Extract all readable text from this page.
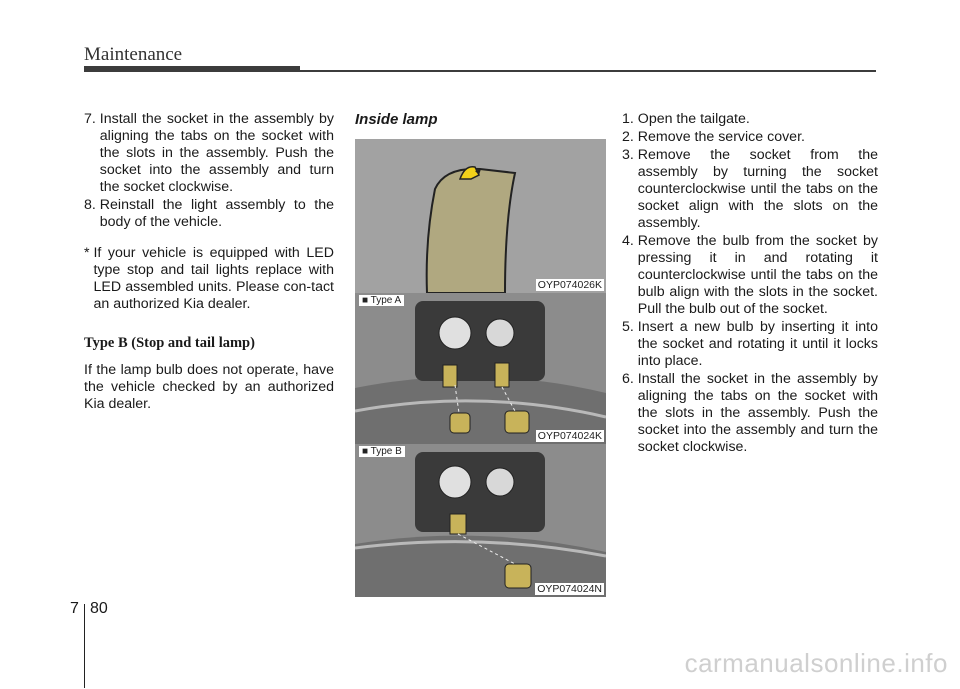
Maintenance
7. Install the socket in the assembly by aligning the tabs on the socket with the slots in the assembly. Push the socket into the assembly and turn the socket clockwise.
8. Reinstall the light assembly to the body of the vehicle.
* If your vehicle is equipped with LED type stop and tail lights replace with LED assembled units. Please con-tact an authorized Kia dealer.
Type B (Stop and tail lamp)
If the lamp bulb does not operate, have the vehicle checked by an authorized Kia dealer.
Inside lamp
OYP074026K
■ Type A
OYP074024K
■ Type B
OYP074024N
1. Open the tailgate.
2. Remove the service cover.
3. Remove the socket from the assembly by turning the socket counterclockwise until the tabs on the socket align with the slots on the assembly.
4. Remove the bulb from the socket by pressing it in and rotating it counterclockwise until the tabs on the bulb align with the slots in the socket. Pull the bulb out of the socket.
5. Insert a new bulb by inserting it into the socket and rotating it until it locks into place.
6. Install the socket in the assembly by aligning the tabs on the socket with the slots in the assembly. Push the socket into the assembly and turn the socket clockwise.
7 80
carmanualsonline.info
